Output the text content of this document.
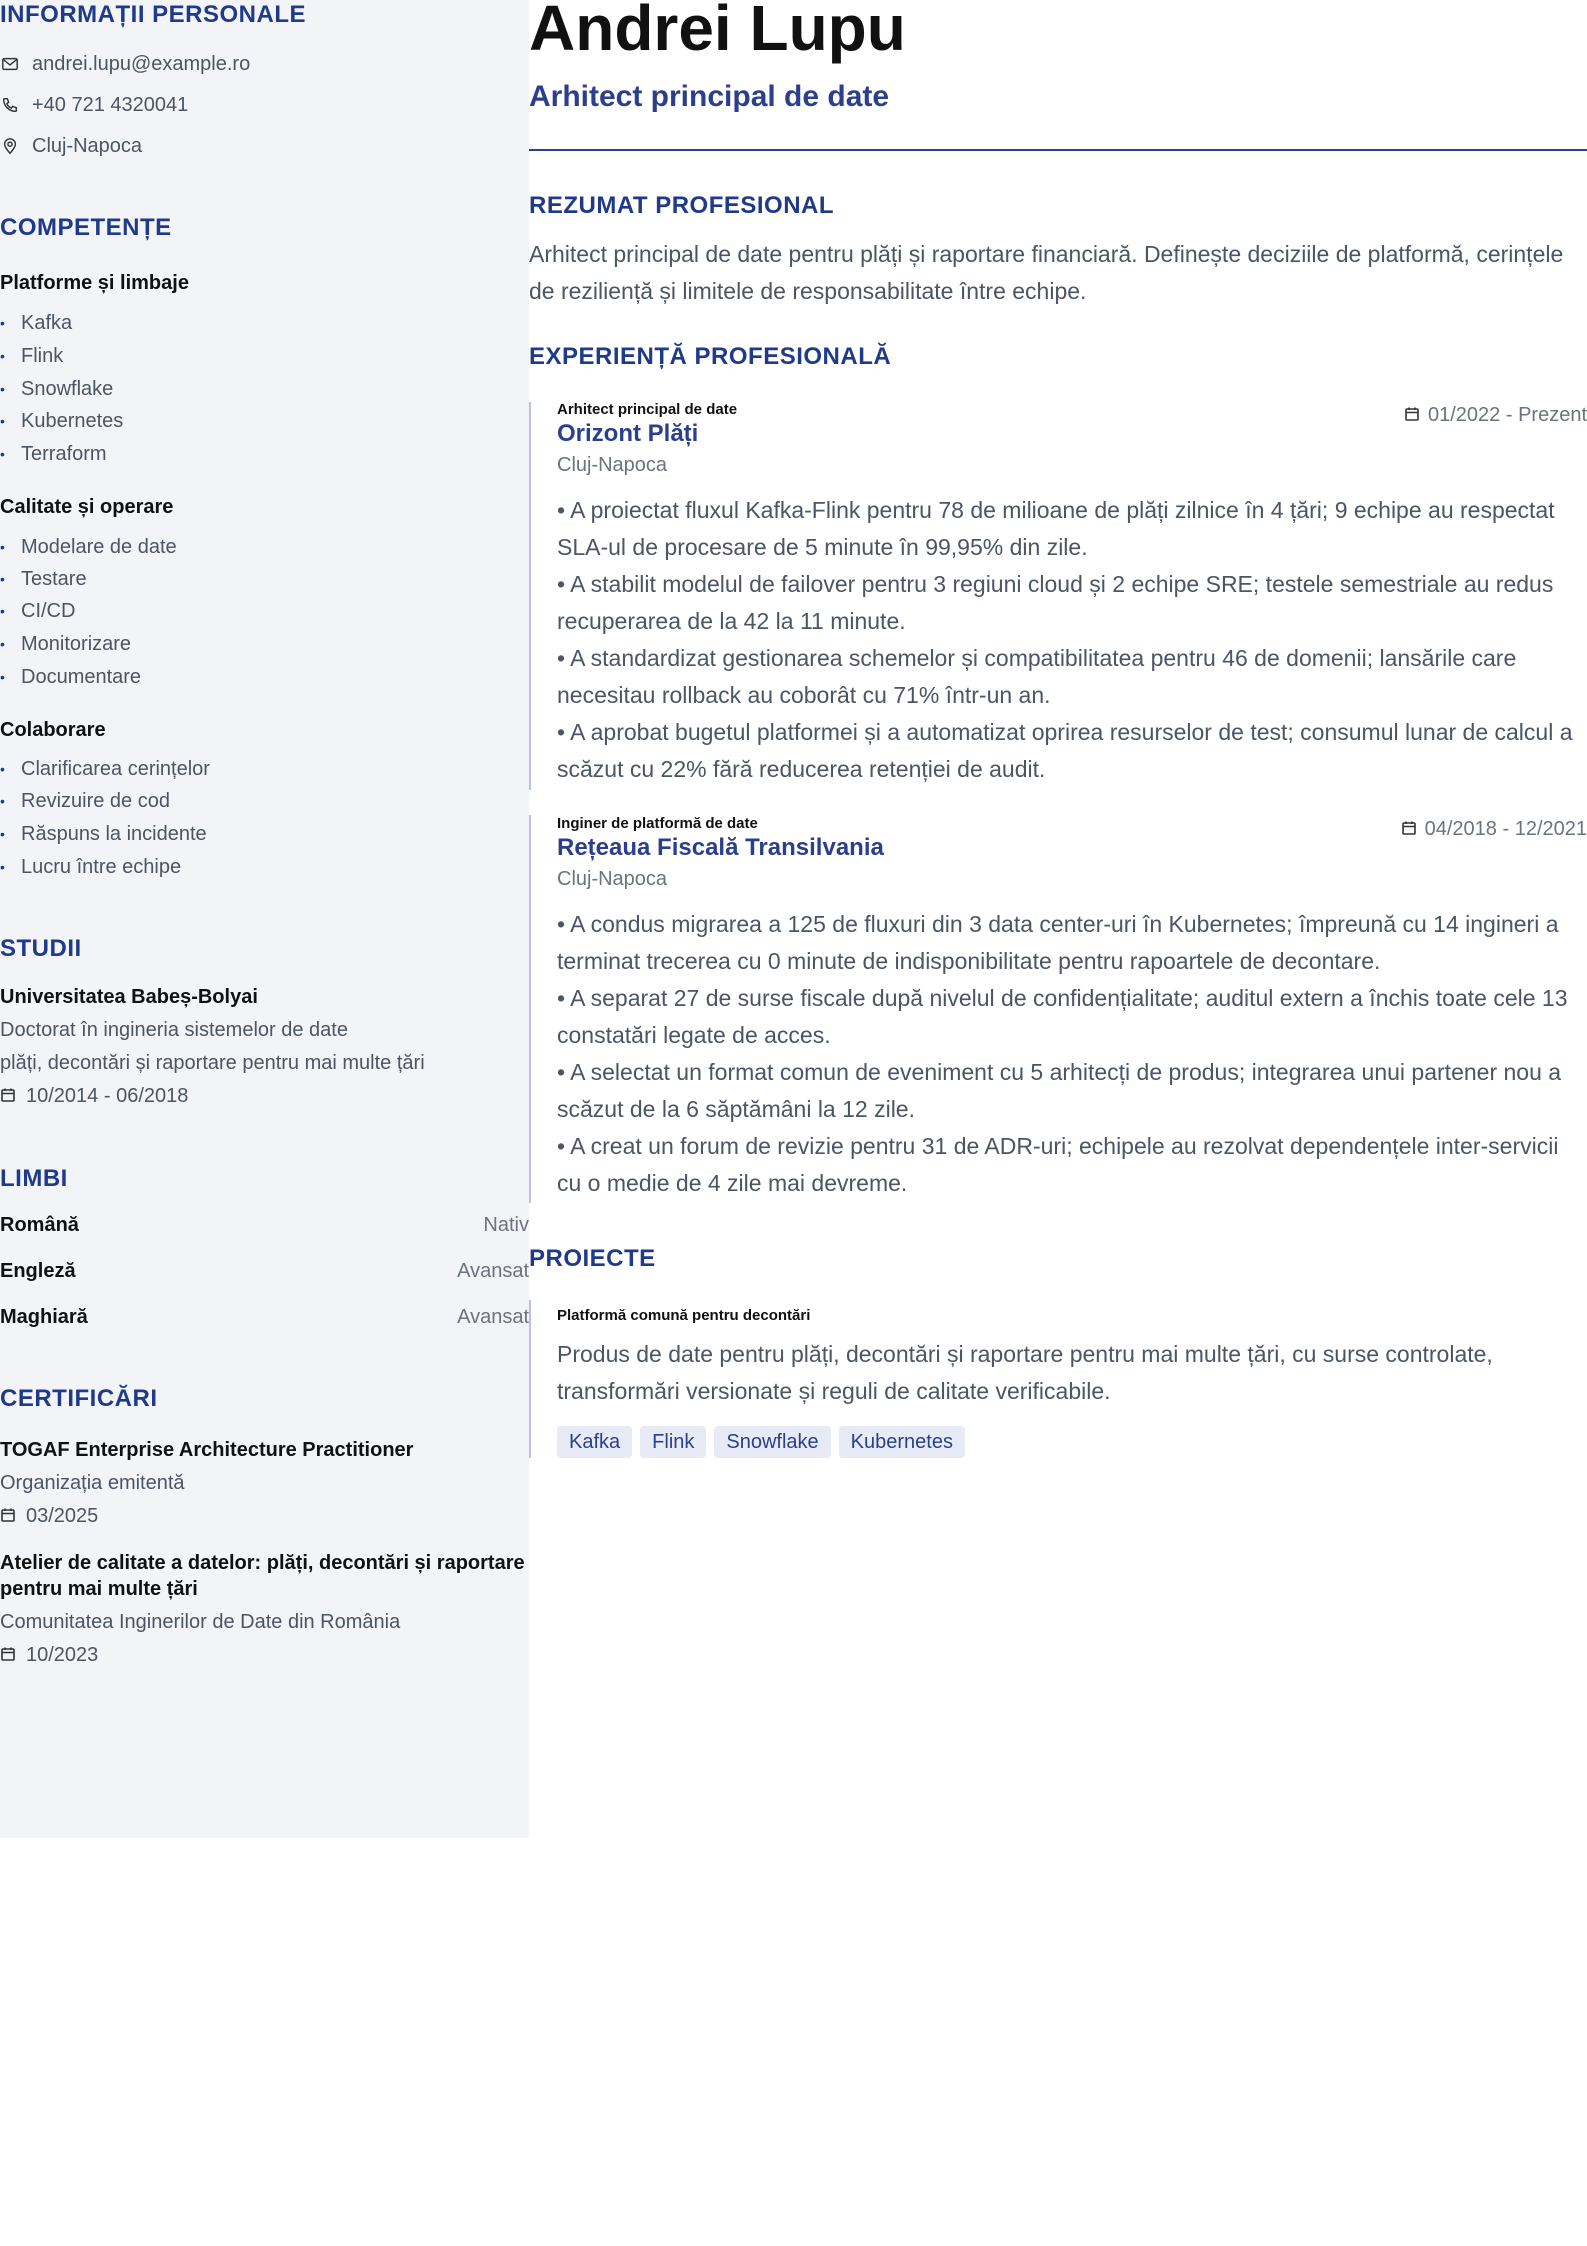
INFORMAȚII PERSONALE
andrei.lupu@example.ro
+40 721 4320041
Cluj-Napoca
COMPETENȚE
Platforme și limbaje
• Kafka
• Flink
• Snowflake
• Kubernetes
• Terraform
Calitate și operare
• Modelare de date
• Testare
• CI/CD
• Monitorizare
• Documentare
Colaborare
• Clarificarea cerințelor
• Revizuire de cod
• Răspuns la incidente
• Lucru între echipe
STUDII
Universitatea Babeș-Bolyai
Doctorat în ingineria sistemelor de date
plăți, decontări și raportare pentru mai multe țări
10/2014 - 06/2018
LIMBI
Română	Nativ
Engleză	Avansat
Maghiară	Avansat
CERTIFICĂRI
TOGAF Enterprise Architecture Practitioner
Organizația emitentă
03/2025
Atelier de calitate a datelor: plăți, decontări și raportare pentru mai multe țări
Comunitatea Inginerilor de Date din România
10/2023
Andrei Lupu
Arhitect principal de date
REZUMAT PROFESIONAL

Arhitect principal de date pentru plăți și raportare financiară. Definește deciziile de platformă, cerințele de reziliență și limitele de responsabilitate între echipe.

EXPERIENȚĂ PROFESIONALĂ
Arhitect principal de date
Orizont Plăți
Cluj-Napoca
01/2022 - Prezent
• A proiectat fluxul Kafka-Flink pentru 78 de milioane de plăți zilnice în 4 țări; 9 echipe au respectat SLA-ul de procesare de 5 minute în 99,95% din zile.
• A stabilit modelul de failover pentru 3 regiuni cloud și 2 echipe SRE; testele semestriale au redus recuperarea de la 42 la 11 minute.
• A standardizat gestionarea schemelor și compatibilitatea pentru 46 de domenii; lansările care necesitau rollback au coborât cu 71% într-un an.
• A aprobat bugetul platformei și a automatizat oprirea resurselor de test; consumul lunar de calcul a scăzut cu 22% fără reducerea retenției de audit.
Inginer de platformă de date
Rețeaua Fiscală Transilvania
Cluj-Napoca
04/2018 - 12/2021
• A condus migrarea a 125 de fluxuri din 3 data center-uri în Kubernetes; împreună cu 14 ingineri a terminat trecerea cu 0 minute de indisponibilitate pentru rapoartele de decontare.
• A separat 27 de surse fiscale după nivelul de confidențialitate; auditul extern a închis toate cele 13 constatări legate de acces.
• A selectat un format comun de eveniment cu 5 arhitecți de produs; integrarea unui partener nou a scăzut de la 6 săptămâni la 12 zile.
• A creat un forum de revizie pentru 31 de ADR-uri; echipele au rezolvat dependențele inter-servicii cu o medie de 4 zile mai devreme.
PROIECTE
Platformă comună pentru decontări

Produs de date pentru plăți, decontări și raportare pentru mai multe țări, cu surse controlate, transformări versionate și reguli de calitate verificabile.

Kafka	Flink	Snowflake	Kubernetes
